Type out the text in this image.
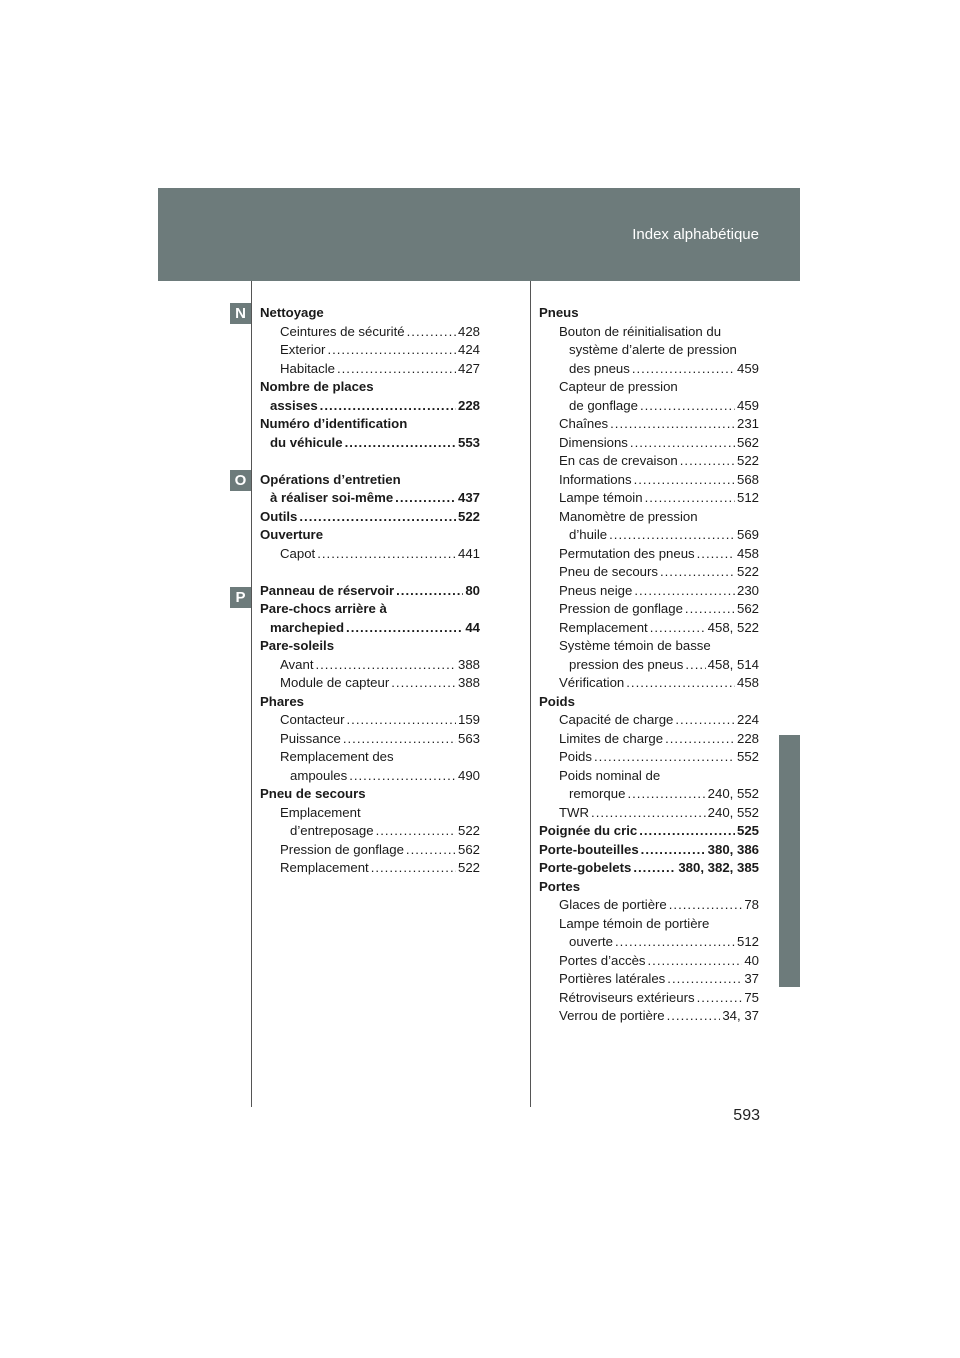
Index alphabétique
N
O
P
Nettoyage
Ceintures de sécurité .....	428
Exterior .....	424
Habitacle .....	427
Nombre de places
assises .....	228
Numéro d’identification
du véhicule .....	553
Opérations d’entretien
à réaliser soi-même .....	437
Outils .....	522
Ouverture
Capot .....	441
Panneau de réservoir .....	80
Pare-chocs arrière à
marchepied .....	44
Pare-soleils
Avant .....	388
Module de capteur .....	388
Phares
Contacteur .....	159
Puissance .....	563
Remplacement des
ampoules .....	490
Pneu de secours
Emplacement
d’entreposage .....	522
Pression de gonflage .....	562
Remplacement .....	522
Pneus
Bouton de réinitialisation du
système d’alerte de pression
des pneus .....	459
Capteur de pression
de gonflage .....	459
Chaînes .....	231
Dimensions .....	562
En cas de crevaison .....	522
Informations .....	568
Lampe témoin .....	512
Manomètre de pression
d’huile .....	569
Permutation des pneus .....	458
Pneu de secours .....	522
Pneus neige .....	230
Pression de gonflage .....	562
Remplacement .....	458, 522
Système témoin de basse
pression des pneus ..... 458, 514
Vérification .....	458
Poids
Capacité de charge .....	224
Limites de charge .....	228
Poids .....	552
Poids nominal de
remorque .....	240, 552
TWR .....	240, 552
Poignée du cric .....	525
Porte-bouteilles .....	380, 386
Porte-gobelets .....	380, 382, 385
Portes
Glaces de portière .....	78
Lampe témoin de portière
ouverte .....	512
Portes d’accès .....	40
Portières latérales .....	37
Rétroviseurs extérieurs .....	75
Verrou de portière .....	34, 37
593
